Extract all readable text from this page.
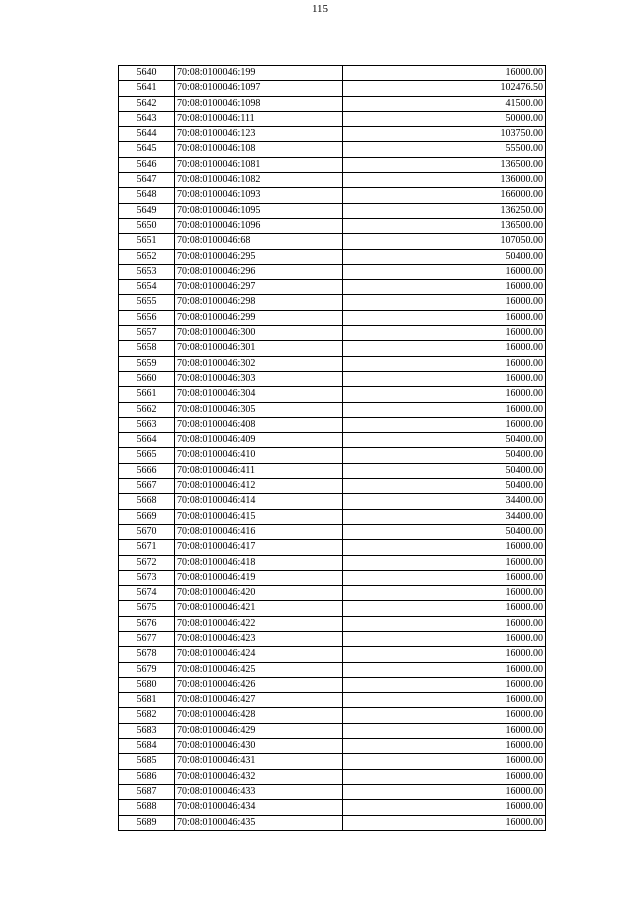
115
5640	70:08:0100046:199	16000.00
5641	70:08:0100046:1097	102476.50
5642	70:08:0100046:1098	41500.00
5643	70:08:0100046:111	50000.00
5644	70:08:0100046:123	103750.00
5645	70:08:0100046:108	55500.00
5646	70:08:0100046:1081	136500.00
5647	70:08:0100046:1082	136000.00
5648	70:08:0100046:1093	166000.00
5649	70:08:0100046:1095	136250.00
5650	70:08:0100046:1096	136500.00
5651	70:08:0100046:68	107050.00
5652	70:08:0100046:295	50400.00
5653	70:08:0100046:296	16000.00
5654	70:08:0100046:297	16000.00
5655	70:08:0100046:298	16000.00
5656	70:08:0100046:299	16000.00
5657	70:08:0100046:300	16000.00
5658	70:08:0100046:301	16000.00
5659	70:08:0100046:302	16000.00
5660	70:08:0100046:303	16000.00
5661	70:08:0100046:304	16000.00
5662	70:08:0100046:305	16000.00
5663	70:08:0100046:408	16000.00
5664	70:08:0100046:409	50400.00
5665	70:08:0100046:410	50400.00
5666	70:08:0100046:411	50400.00
5667	70:08:0100046:412	50400.00
5668	70:08:0100046:414	34400.00
5669	70:08:0100046:415	34400.00
5670	70:08:0100046:416	50400.00
5671	70:08:0100046:417	16000.00
5672	70:08:0100046:418	16000.00
5673	70:08:0100046:419	16000.00
5674	70:08:0100046:420	16000.00
5675	70:08:0100046:421	16000.00
5676	70:08:0100046:422	16000.00
5677	70:08:0100046:423	16000.00
5678	70:08:0100046:424	16000.00
5679	70:08:0100046:425	16000.00
5680	70:08:0100046:426	16000.00
5681	70:08:0100046:427	16000.00
5682	70:08:0100046:428	16000.00
5683	70:08:0100046:429	16000.00
5684	70:08:0100046:430	16000.00
5685	70:08:0100046:431	16000.00
5686	70:08:0100046:432	16000.00
5687	70:08:0100046:433	16000.00
5688	70:08:0100046:434	16000.00
5689	70:08:0100046:435	16000.00
